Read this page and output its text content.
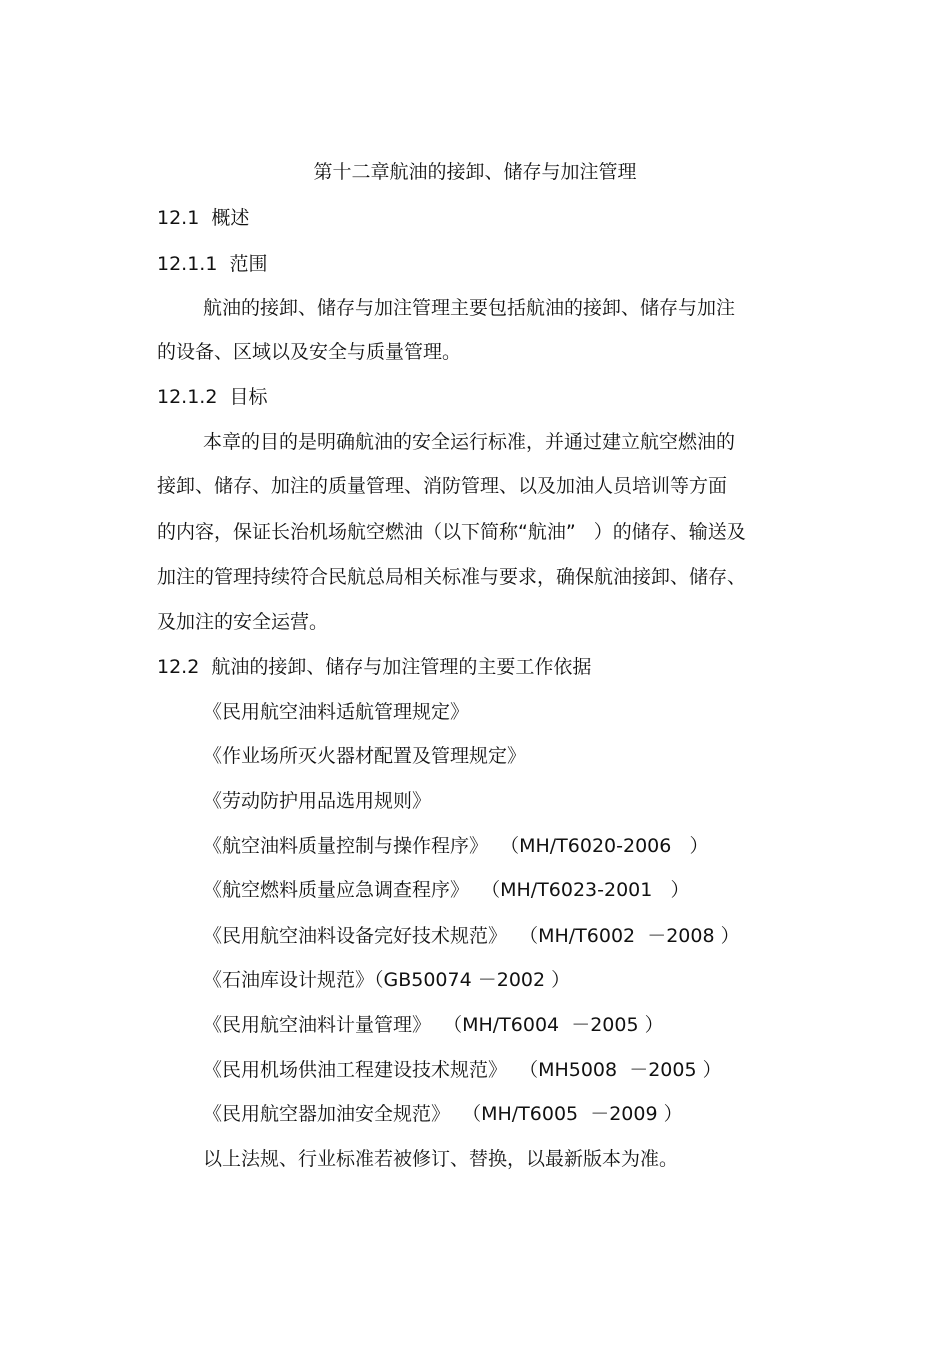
第十二章航油的接卸、储存与加注管理
12.1  概述
12.1.1  范围
航油的接卸、储存与加注管理主要包括航油的接卸、储存与加注
的设备、区域以及安全与质量管理。
12.1.2  目标
本章的目的是明确航油的安全运行标准，并通过建立航空燃油的
接卸、储存、加注的质量管理、消防管理、以及加油人员培训等方面
的内容，保证长治机场航空燃油（以下简称“航油”   ）的储存、输送及
加注的管理持续符合民航总局相关标准与要求，确保航油接卸、储存、
及加注的安全运营。
12.2  航油的接卸、储存与加注管理的主要工作依据
《民用航空油料适航管理规定》
《作业场所灭火器材配置及管理规定》
《劳动防护用品选用规则》
《航空油料质量控制与操作程序》  （MH/T6020-2006   ）
《航空燃料质量应急调查程序》  （MH/T6023-2001   ）
《民用航空油料设备完好技术规范》  （MH/T6002  －2008 ）
《石油库设计规范》（GB50074 －2002 ）
《民用航空油料计量管理》  （MH/T6004  －2005 ）
《民用机场供油工程建设技术规范》  （MH5008  －2005 ）
《民用航空器加油安全规范》  （MH/T6005  －2009 ）
以上法规、行业标准若被修订、替换，以最新版本为准。
